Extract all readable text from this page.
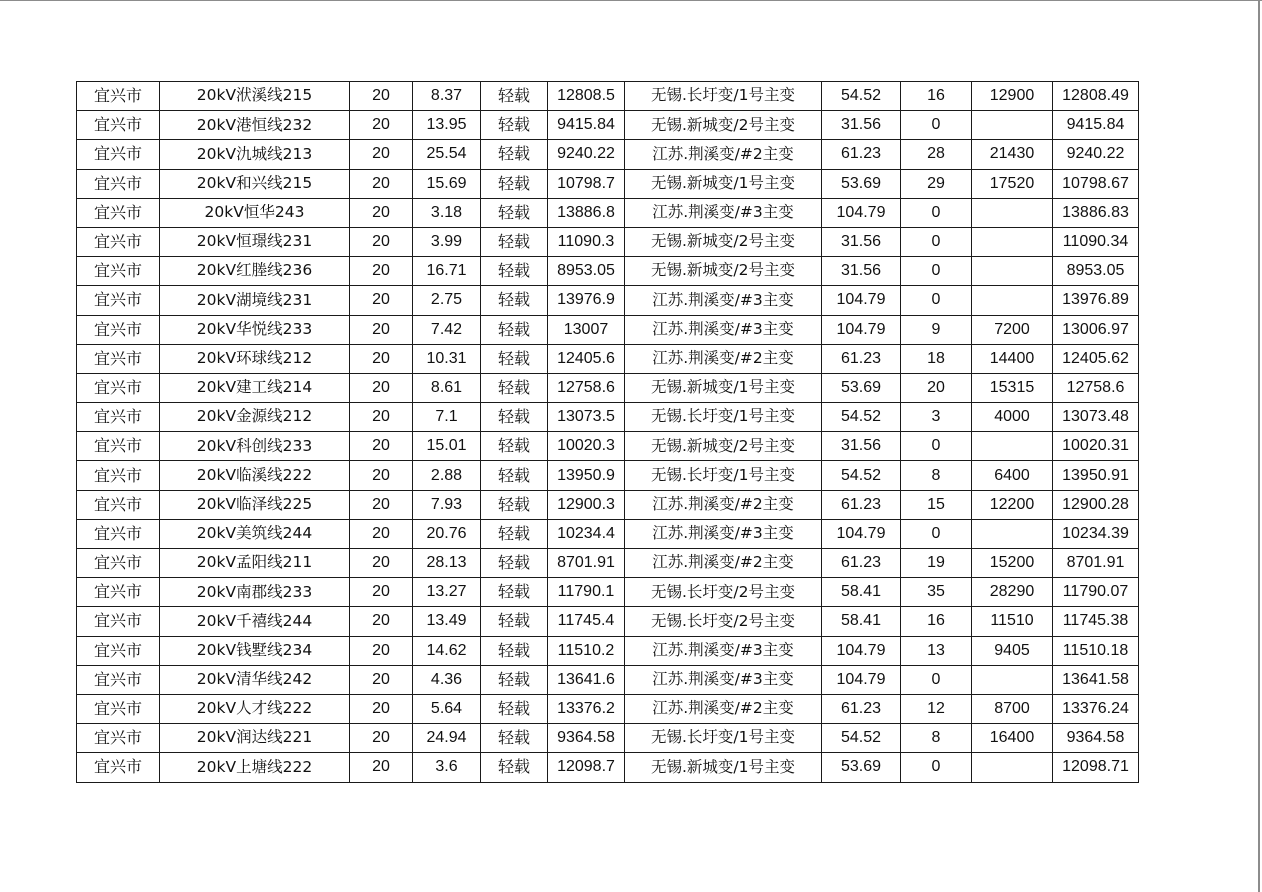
宜兴市	20kV洑溪线215	20	8.37	轻载	12808.5	无锡.长圩变/1号主变	54.52	16	12900	12808.49
宜兴市	20kV港恒线232	20	13.95	轻载	9415.84	无锡.新城变/2号主变	31.56	0		9415.84
宜兴市	20kV氿城线213	20	25.54	轻载	9240.22	江苏.荆溪变/#2主变	61.23	28	21430	9240.22
宜兴市	20kV和兴线215	20	15.69	轻载	10798.7	无锡.新城变/1号主变	53.69	29	17520	10798.67
宜兴市	20kV恒华243	20	3.18	轻载	13886.8	江苏.荆溪变/#3主变	104.79	0		13886.83
宜兴市	20kV恒璟线231	20	3.99	轻载	11090.3	无锡.新城变/2号主变	31.56	0		11090.34
宜兴市	20kV红塍线236	20	16.71	轻载	8953.05	无锡.新城变/2号主变	31.56	0		8953.05
宜兴市	20kV湖境线231	20	2.75	轻载	13976.9	江苏.荆溪变/#3主变	104.79	0		13976.89
宜兴市	20kV华悦线233	20	7.42	轻载	13007	江苏.荆溪变/#3主变	104.79	9	7200	13006.97
宜兴市	20kV环球线212	20	10.31	轻载	12405.6	江苏.荆溪变/#2主变	61.23	18	14400	12405.62
宜兴市	20kV建工线214	20	8.61	轻载	12758.6	无锡.新城变/1号主变	53.69	20	15315	12758.6
宜兴市	20kV金源线212	20	7.1	轻载	13073.5	无锡.长圩变/1号主变	54.52	3	4000	13073.48
宜兴市	20kV科创线233	20	15.01	轻载	10020.3	无锡.新城变/2号主变	31.56	0		10020.31
宜兴市	20kV临溪线222	20	2.88	轻载	13950.9	无锡.长圩变/1号主变	54.52	8	6400	13950.91
宜兴市	20kV临泽线225	20	7.93	轻载	12900.3	江苏.荆溪变/#2主变	61.23	15	12200	12900.28
宜兴市	20kV美筑线244	20	20.76	轻载	10234.4	江苏.荆溪变/#3主变	104.79	0		10234.39
宜兴市	20kV孟阳线211	20	28.13	轻载	8701.91	江苏.荆溪变/#2主变	61.23	19	15200	8701.91
宜兴市	20kV南郡线233	20	13.27	轻载	11790.1	无锡.长圩变/2号主变	58.41	35	28290	11790.07
宜兴市	20kV千禧线244	20	13.49	轻载	11745.4	无锡.长圩变/2号主变	58.41	16	11510	11745.38
宜兴市	20kV钱墅线234	20	14.62	轻载	11510.2	江苏.荆溪变/#3主变	104.79	13	9405	11510.18
宜兴市	20kV清华线242	20	4.36	轻载	13641.6	江苏.荆溪变/#3主变	104.79	0		13641.58
宜兴市	20kV人才线222	20	5.64	轻载	13376.2	江苏.荆溪变/#2主变	61.23	12	8700	13376.24
宜兴市	20kV润达线221	20	24.94	轻载	9364.58	无锡.长圩变/1号主变	54.52	8	16400	9364.58
宜兴市	20kV上塘线222	20	3.6	轻载	12098.7	无锡.新城变/1号主变	53.69	0		12098.71
